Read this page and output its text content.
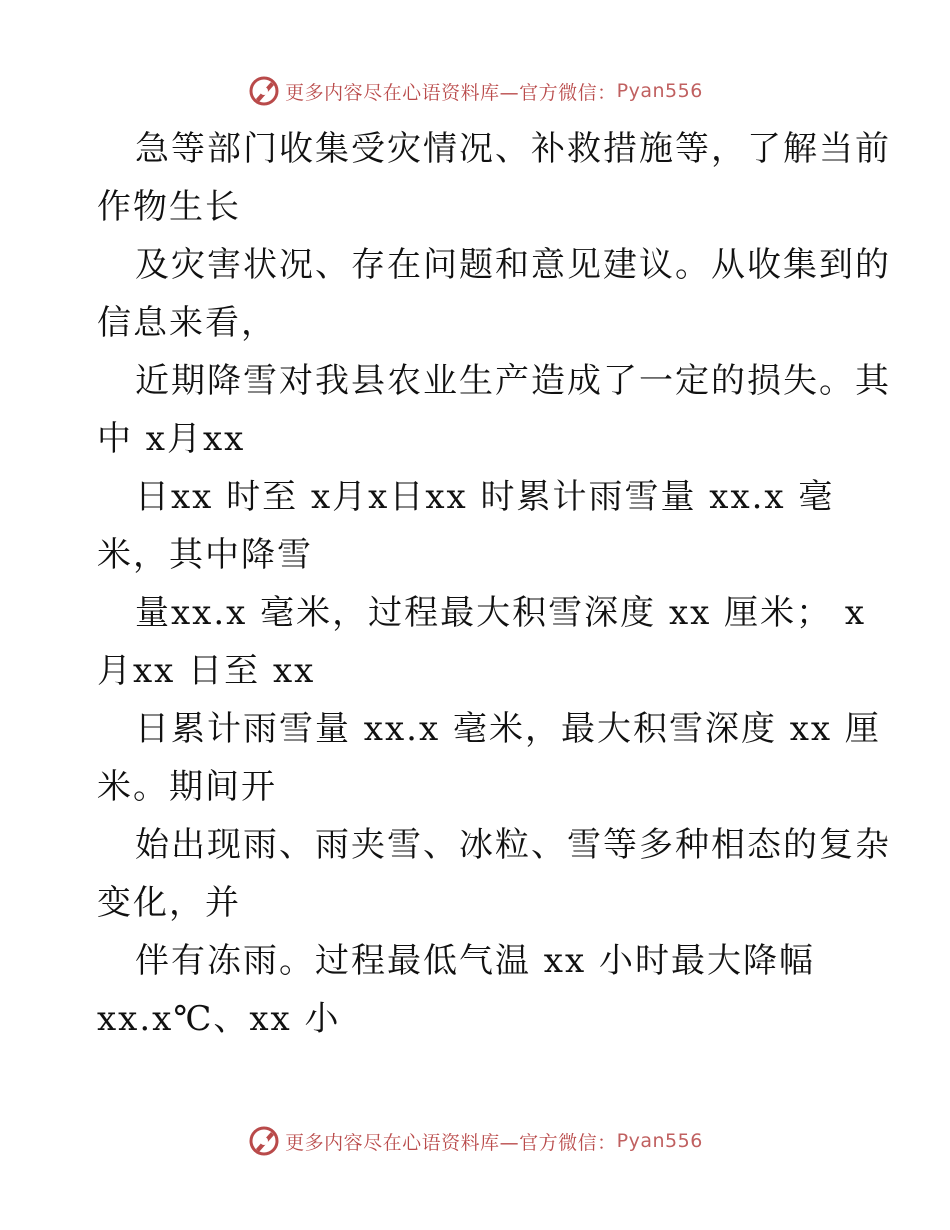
更多内容尽在心语资料库—官方微信： Pyan556
急等部门收集受灾情况、补救措施等，了解当前
作物生长
及灾害状况、存在问题和意见建议。从收集到的
信息来看，
近期降雪对我县农业生产造成了一定的损失。其
中 x月xx
日xx 时至 x月x日xx 时累计雨雪量 xx.x 毫
米，其中降雪
量xx.x 毫米，过程最大积雪深度 xx 厘米； x
月xx 日至 xx
日累计雨雪量 xx.x 毫米，最大积雪深度 xx 厘
米。期间开
始出现雨、雨夹雪、冰粒、雪等多种相态的复杂
变化，并
伴有冻雨。过程最低气温 xx 小时最大降幅
xx.x℃、xx 小
更多内容尽在心语资料库—官方微信： Pyan556
